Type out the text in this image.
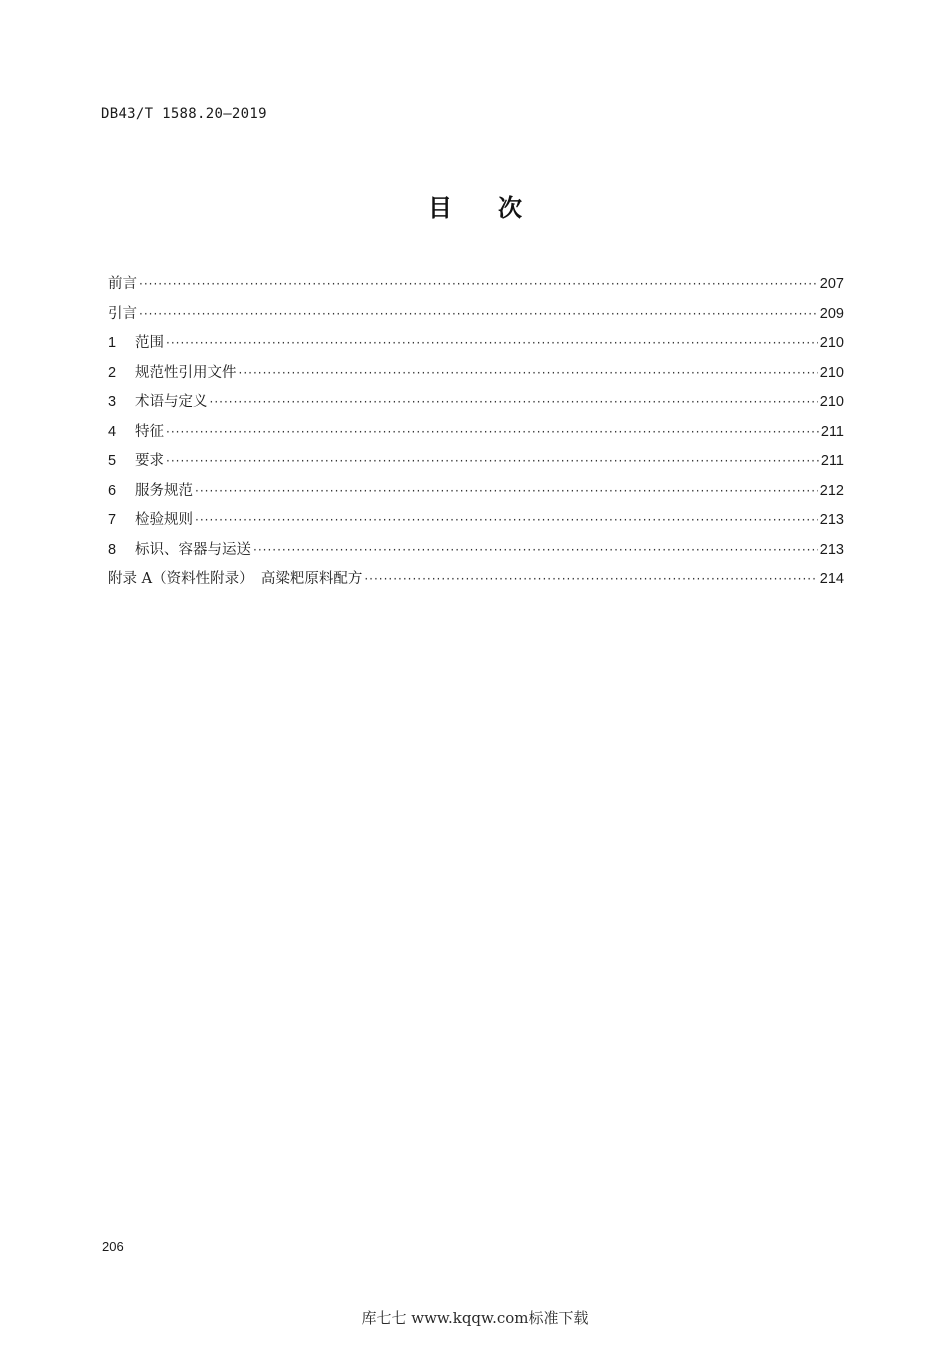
DB43/T 1588.20—2019
目 次
前言 ·····	207
引言 ·····	209
1	范围 ·····	210
2	规范性引用文件 ·····	210
3	术语与定义 ·····	210
4	特征 ·····	211
5	要求 ·····	211
6	服务规范 ·····	212
7	检验规则 ·····	213
8	标识、容器与运送 ·····	213
附录 A（资料性附录）　高粱粑原料配方 ·····	214
206
库七七 www.kqqw.com标准下载
